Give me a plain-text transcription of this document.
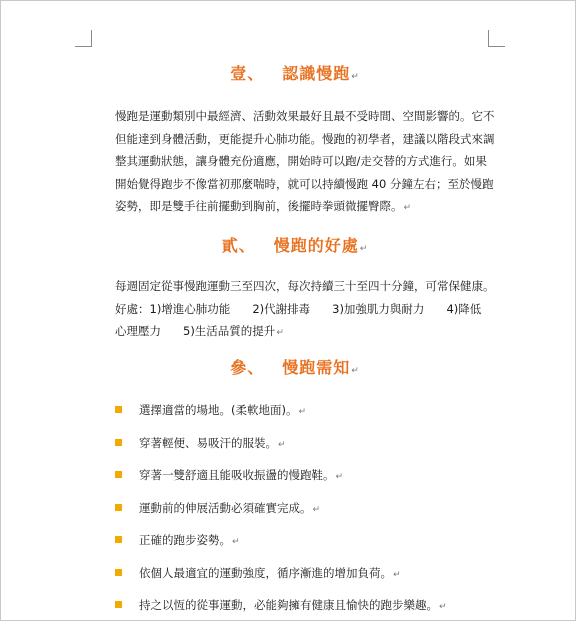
壹、 認識慢跑↵

慢跑是運動類別中最經濟、活動效果最好且最不受時間、空間影響的。它不

但能達到身體活動，更能提升心肺功能。慢跑的初學者，建議以階段式來調

整其運動狀態，讓身體充份適應，開始時可以跑/走交替的方式進行。如果

開始覺得跑步不像當初那麼喘時，就可以持續慢跑 40 分鐘左右；至於慢跑

姿勢，即是雙手往前擺動到胸前，後擺時拳頭微擺臀際。↵

貳、 慢跑的好處↵

每週固定從事慢跑運動三至四次，每次持續三十至四十分鐘，可常保健康。

好處：1)增進心肺功能 2)代謝排毒 3)加強肌力與耐力 4)降低

心理壓力 5)生活品質的提升↵

參、 慢跑需知↵
選擇適當的場地。(柔軟地面)。↵
穿著輕便、易吸汗的服裝。↵
穿著一雙舒適且能吸收振盪的慢跑鞋。↵
運動前的伸展活動必須確實完成。↵
正確的跑步姿勢。↵
依個人最適宜的運動強度，循序漸進的增加負荷。↵
持之以恆的從事運動，必能夠擁有健康且愉快的跑步樂趣。↵
